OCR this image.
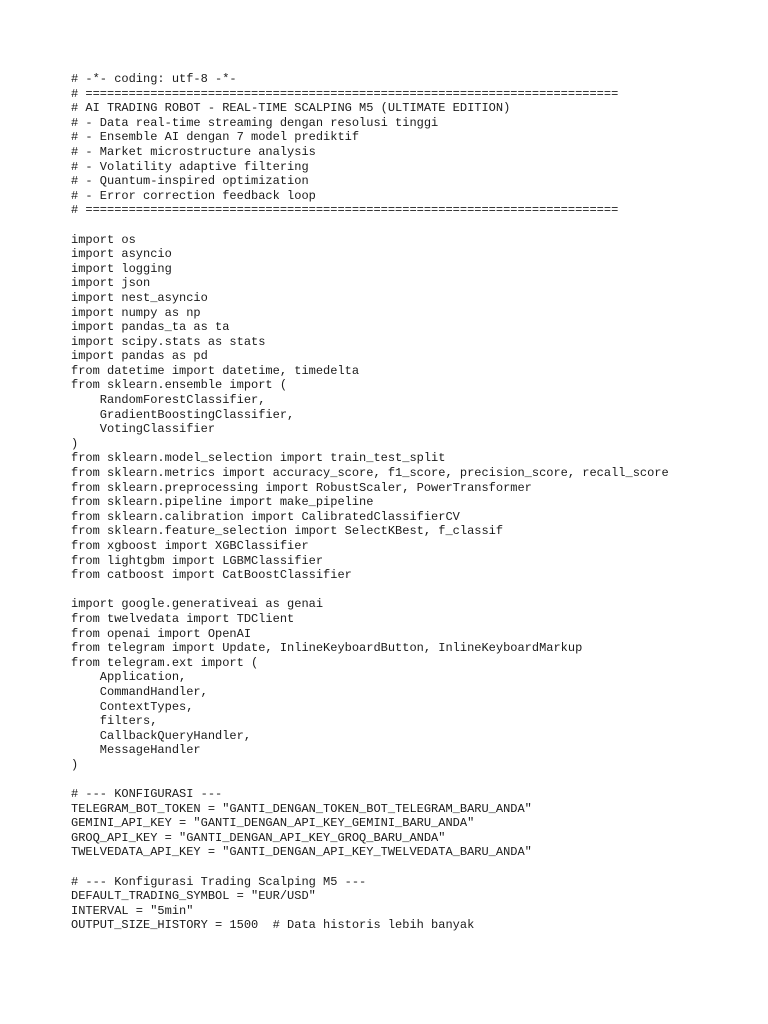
# -*- coding: utf-8 -*-
# ==========================================================================
# AI TRADING ROBOT - REAL-TIME SCALPING M5 (ULTIMATE EDITION)
# - Data real-time streaming dengan resolusi tinggi
# - Ensemble AI dengan 7 model prediktif
# - Market microstructure analysis
# - Volatility adaptive filtering
# - Quantum-inspired optimization
# - Error correction feedback loop
# ==========================================================================
import os
import asyncio
import logging
import json
import nest_asyncio
import numpy as np
import pandas_ta as ta
import scipy.stats as stats
import pandas as pd
from datetime import datetime, timedelta
from sklearn.ensemble import (
RandomForestClassifier,
GradientBoostingClassifier,
VotingClassifier
)
from sklearn.model_selection import train_test_split
from sklearn.metrics import accuracy_score, f1_score, precision_score, recall_score
from sklearn.preprocessing import RobustScaler, PowerTransformer
from sklearn.pipeline import make_pipeline
from sklearn.calibration import CalibratedClassifierCV
from sklearn.feature_selection import SelectKBest, f_classif
from xgboost import XGBClassifier
from lightgbm import LGBMClassifier
from catboost import CatBoostClassifier
import google.generativeai as genai
from twelvedata import TDClient
from openai import OpenAI
from telegram import Update, InlineKeyboardButton, InlineKeyboardMarkup
from telegram.ext import (
Application,
CommandHandler,
ContextTypes,
filters,
CallbackQueryHandler,
MessageHandler
)
# --- KONFIGURASI ---
TELEGRAM_BOT_TOKEN = "GANTI_DENGAN_TOKEN_BOT_TELEGRAM_BARU_ANDA"
GEMINI_API_KEY = "GANTI_DENGAN_API_KEY_GEMINI_BARU_ANDA"
GROQ_API_KEY = "GANTI_DENGAN_API_KEY_GROQ_BARU_ANDA"
TWELVEDATA_API_KEY = "GANTI_DENGAN_API_KEY_TWELVEDATA_BARU_ANDA"
# --- Konfigurasi Trading Scalping M5 ---
DEFAULT_TRADING_SYMBOL = "EUR/USD"
INTERVAL = "5min"
OUTPUT_SIZE_HISTORY = 1500  # Data historis lebih banyak
